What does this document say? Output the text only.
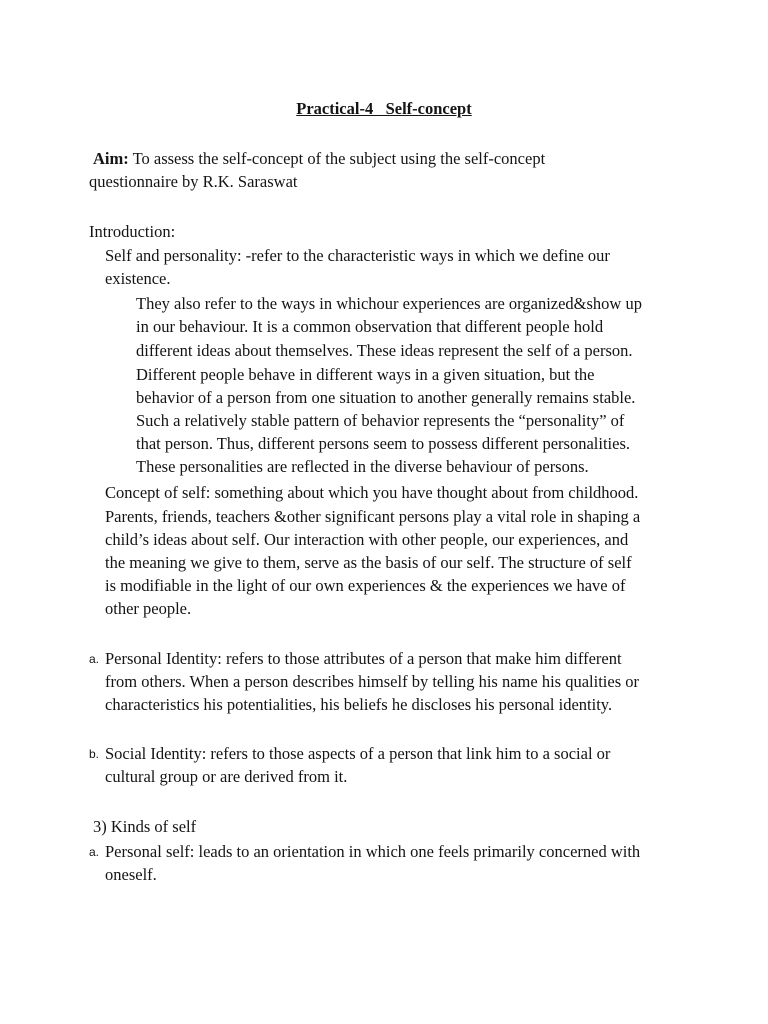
Practical-4   Self-concept
Aim: To assess the self-concept of the subject using the self-concept
questionnaire by R.K. Saraswat
Introduction:
Self and personality: -refer to the characteristic ways in which we define our
existence.
They also refer to the ways in whichour experiences are organized&show up
in our behaviour. It is a common observation that different people hold
different ideas about themselves. These ideas represent the self of a person.
Different people behave in different ways in a given situation, but the
behavior of a person from one situation to another generally remains stable.
Such a relatively stable pattern of behavior represents the “personality” of
that person. Thus, different persons seem to possess different personalities.
These personalities are reflected in the diverse behaviour of persons.
Concept of self: something about which you have thought about from childhood.
Parents, friends, teachers &other significant persons play a vital role in shaping a
child’s ideas about self. Our interaction with other people, our experiences, and
the meaning we give to them, serve as the basis of our self. The structure of self
is modifiable in the light of our own experiences & the experiences we have of
other people.
a. Personal Identity: refers to those attributes of a person that make him different
from others. When a person describes himself by telling his name his qualities or
characteristics his potentialities, his beliefs he discloses his personal identity.
b. Social Identity: refers to those aspects of a person that link him to a social or
cultural group or are derived from it.
3) Kinds of self
a. Personal self: leads to an orientation in which one feels primarily concerned with
oneself.
